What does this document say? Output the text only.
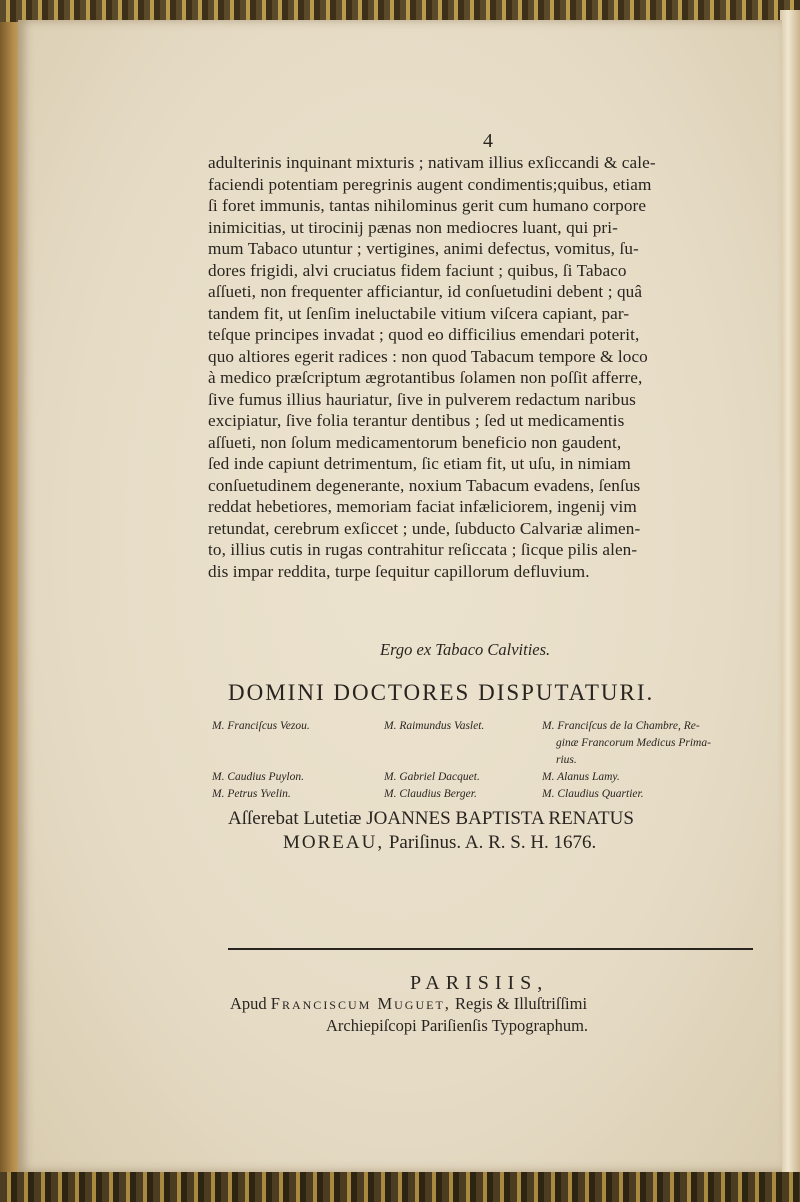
4
adulterinis inquinant mixturis ; nativam illius exſiccandi & cale-
faciendi potentiam peregrinis augent condimentis;quibus, etiam
ſi foret immunis, tantas nihilominus gerit cum humano corpore
inimicitias, ut tirocinij pænas non mediocres luant, qui pri-
mum Tabaco utuntur ; vertigines, animi defectus, vomitus, ſu-
dores frigidi, alvi cruciatus fidem faciunt ; quibus, ſi Tabaco
aſſueti, non frequenter afficiantur, id conſuetudini debent ; quâ
tandem fit, ut ſenſim ineluctabile vitium viſcera capiant, par-
teſque principes invadat ; quod eo difficilius emendari poterit,
quo altiores egerit radices : non quod Tabacum tempore & loco
à medico præſcriptum ægrotantibus ſolamen non poſſit afferre,
ſive fumus illius hauriatur, ſive in pulverem redactum naribus
excipiatur, ſive folia terantur dentibus ; ſed ut medicamentis
aſſueti, non ſolum medicamentorum beneficio non gaudent,
ſed inde capiunt detrimentum, ſic etiam fit, ut uſu, in nimiam
conſuetudinem degenerante, noxium Tabacum evadens, ſenſus
reddat hebetiores, memoriam faciat infæliciorem, ingenij vim
retundat, cerebrum exſiccet ; unde, ſubducto Calvariæ alimen-
to, illius cutis in rugas contrahitur reſiccata ; ſicque pilis alen-
dis impar reddita, turpe ſequitur capillorum defluvium.
Ergo ex Tabaco Calvities.
DOMINI DOCTORES DISPUTATURI.
M. Franciſcus Vezou.	M. Raimundus Vaslet.	M. Franciſcus de la Chambre, Re-
ginæ Francorum Medicus Prima-
rius.
M. Caudius Puylon.	M. Gabriel Dacquet.	M. Alanus Lamy.
M. Petrus Yvelin.	M. Claudius Berger.	M. Claudius Quartier.
Aſſerebat Lutetiæ JOANNES BAPTISTA RENATUS
MOREAU, Pariſinus. A. R. S. H. 1676.
PARISIIS,
Apud Franciscum Muguet, Regis & Illuſtriſſimi
Archiepiſcopi Pariſienſis Typographum.
